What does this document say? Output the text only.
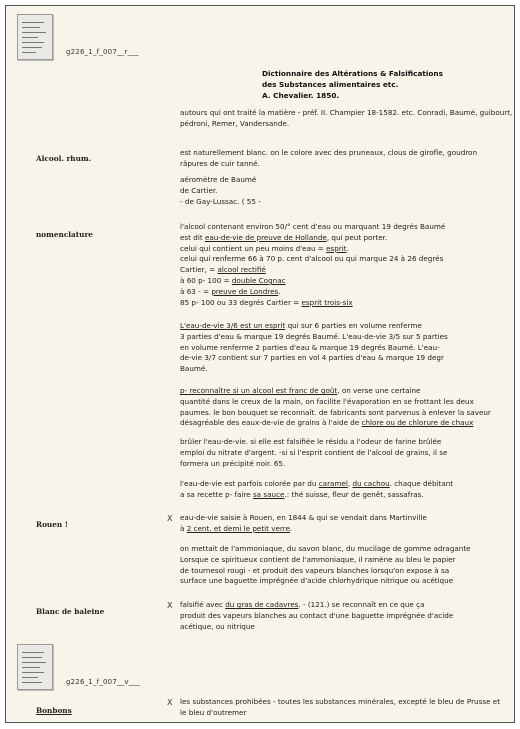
g226_1_f_007__r___
Dictionnaire des Altérations & Falsifications
des Substances alimentaires etc.
A. Chevalier. 1850.
autours qui ont traité la matière - préf. II. Champier 18-1582. etc. Conradi, Baumé, guibourt,
pédroni, Remer, Vandersande.
Alcool. rhum.
est naturellement blanc. on le colore avec des pruneaux, clous de girofle, goudron
râpures de cuir tanné.
aéromètre de Baumé
de Cartier.
- de Gay-Lussac. ( 55 -
nomenclature
l'alcool contenant environ 50/° cent d'eau ou marquant 19 degrés Baumé
est dit eau-de-vie de preuve de Hollande, qui peut porter.
celui qui contient un peu moins d'eau = esprit.
celui qui renferme 66 à 70 p. cent d'alcool ou qui marque 24 à 26 degrés
Cartier, = alcool rectifié
à 60 p- 100 = double Cognac
à 63 - = preuve de Londres.
85 p- 100 ou 33 degrés Cartier = esprit trois-six
L'eau-de-vie 3/6 est un esprit qui sur 6 parties en volume renferme
3 parties d'eau & marque 19 degrés Baumé. L'eau-de-vie 3/5 sur 5 parties
en volume renferme 2 parties d'eau & marque 19 degrés Baumé. L'eau-
de-vie 3/7 contient sur 7 parties en vol 4 parties d'eau & marque 19 degr
Baumé.
p- reconnaître si un alcool est franc de goût, on verse une certaine
quantité dans le creux de la main, on facilite l'évaporation en se frottant les deux
paumes. le bon bouquet se reconnaît. de fabricants sont parvenus à enlever la saveur
désagréable des eaux-de-vie de grains à l'aide de chlore ou de chlorure de chaux
brûler l'eau-de-vie. si elle est falsifiée le résidu a l'odeur de farine brûlée
emploi du nitrate d'argent. -si si l'esprit contient de l'alcool de grains, il se
formera un précipité noir. 65.
l'eau-de-vie est parfois colorée par du caramel, du cachou. chaque débitant
a sa recette p- faire sa sauce.: thé suisse, fleur de genêt, sassafras.
Rouen !
X eau-de-vie saisie à Rouen, en 1844 & qui se vendait dans Martinville
à 2 cent. et demi le petit verre.
on mettait de l'ammoniaque, du savon blanc, du mucilage de gomme adragante
Lorsque ce spiritueux contient de l'ammoniaque, il ramène au bleu le papier
de tournesol rougi - et produit des vapeurs blanches lorsqu'on expose à sa
surface une baguette imprégnée d'acide chlorhydrique nitrique ou acétique
Blanc de baleine
X falsifié avec du gras de cadavres. - (121.) se reconnaît en ce que ça
produit des vapeurs blanches au contact d'une baguette imprégnée d'acide
acétique, ou nitrique
g226_1_f_007__v___
Bonbons
X les substances prohibées - toutes les substances minérales, excepté le bleu de Prusse et
le bleu d'outremer
